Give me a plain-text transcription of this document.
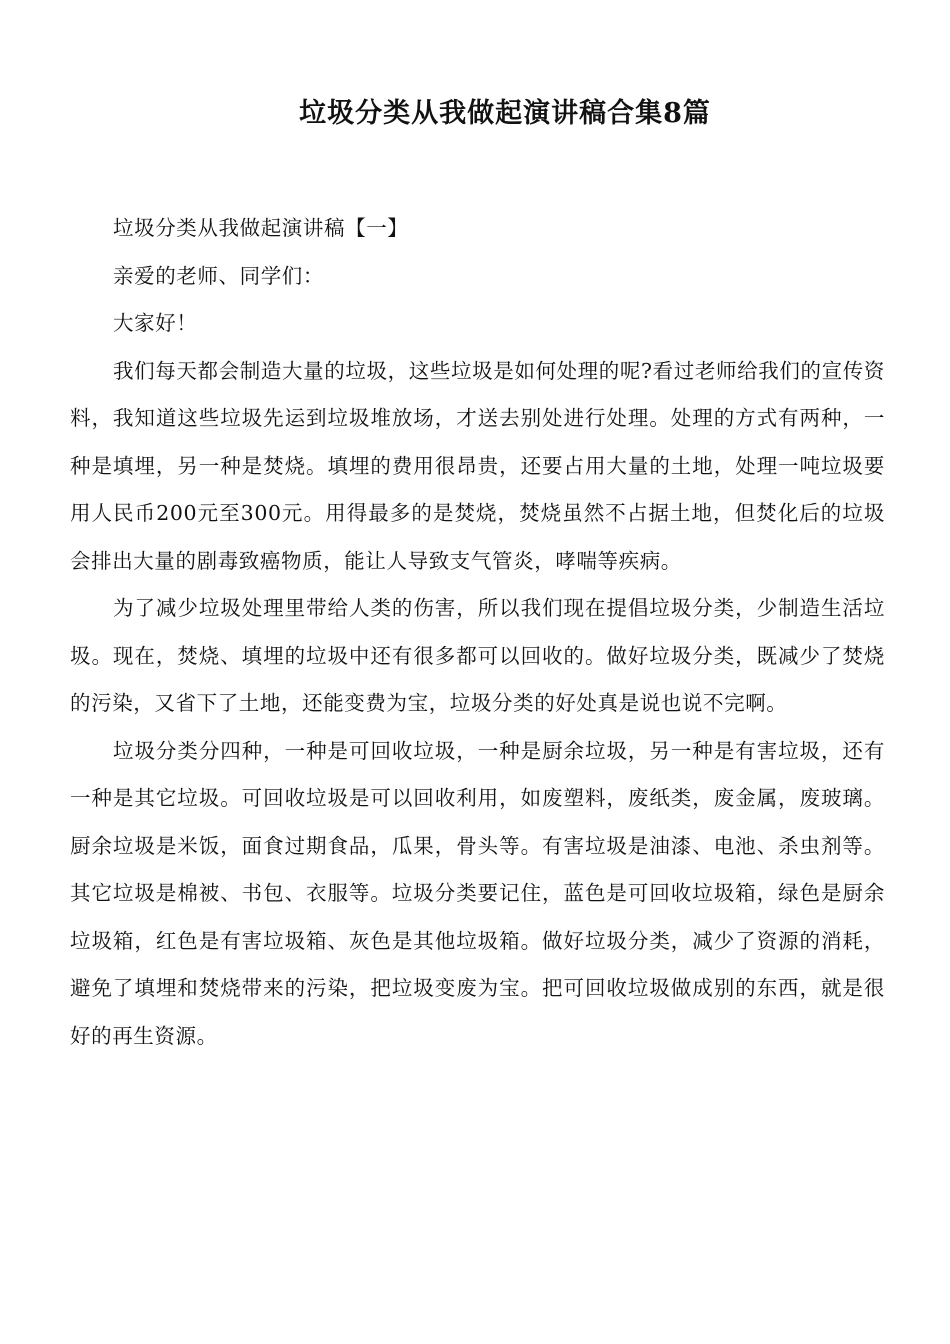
垃圾分类从我做起演讲稿合集8篇

垃圾分类从我做起演讲稿【一】

亲爱的老师、同学们：

大家好！

我们每天都会制造大量的垃圾，这些垃圾是如何处理的呢?看过老师给我们的宣传资料，我知道这些垃圾先运到垃圾堆放场，才送去别处进行处理。处理的方式有两种，一种是填埋，另一种是焚烧。填埋的费用很昂贵，还要占用大量的土地，处理一吨垃圾要用人民币200元至300元。用得最多的是焚烧，焚烧虽然不占据土地，但焚化后的垃圾会排出大量的剧毒致癌物质，能让人导致支气管炎，哮喘等疾病。

为了减少垃圾处理里带给人类的伤害，所以我们现在提倡垃圾分类，少制造生活垃圾。现在，焚烧、填埋的垃圾中还有很多都可以回收的。做好垃圾分类，既减少了焚烧的污染，又省下了土地，还能变费为宝，垃圾分类的好处真是说也说不完啊。

垃圾分类分四种，一种是可回收垃圾，一种是厨余垃圾，另一种是有害垃圾，还有一种是其它垃圾。可回收垃圾是可以回收利用，如废塑料，废纸类，废金属，废玻璃。厨余垃圾是米饭，面食过期食品，瓜果，骨头等。有害垃圾是油漆、电池、杀虫剂等。其它垃圾是棉被、书包、衣服等。垃圾分类要记住，蓝色是可回收垃圾箱，绿色是厨余垃圾箱，红色是有害垃圾箱、灰色是其他垃圾箱。做好垃圾分类，减少了资源的消耗，避免了填埋和焚烧带来的污染，把垃圾变废为宝。把可回收垃圾做成别的东西，就是很好的再生资源。
